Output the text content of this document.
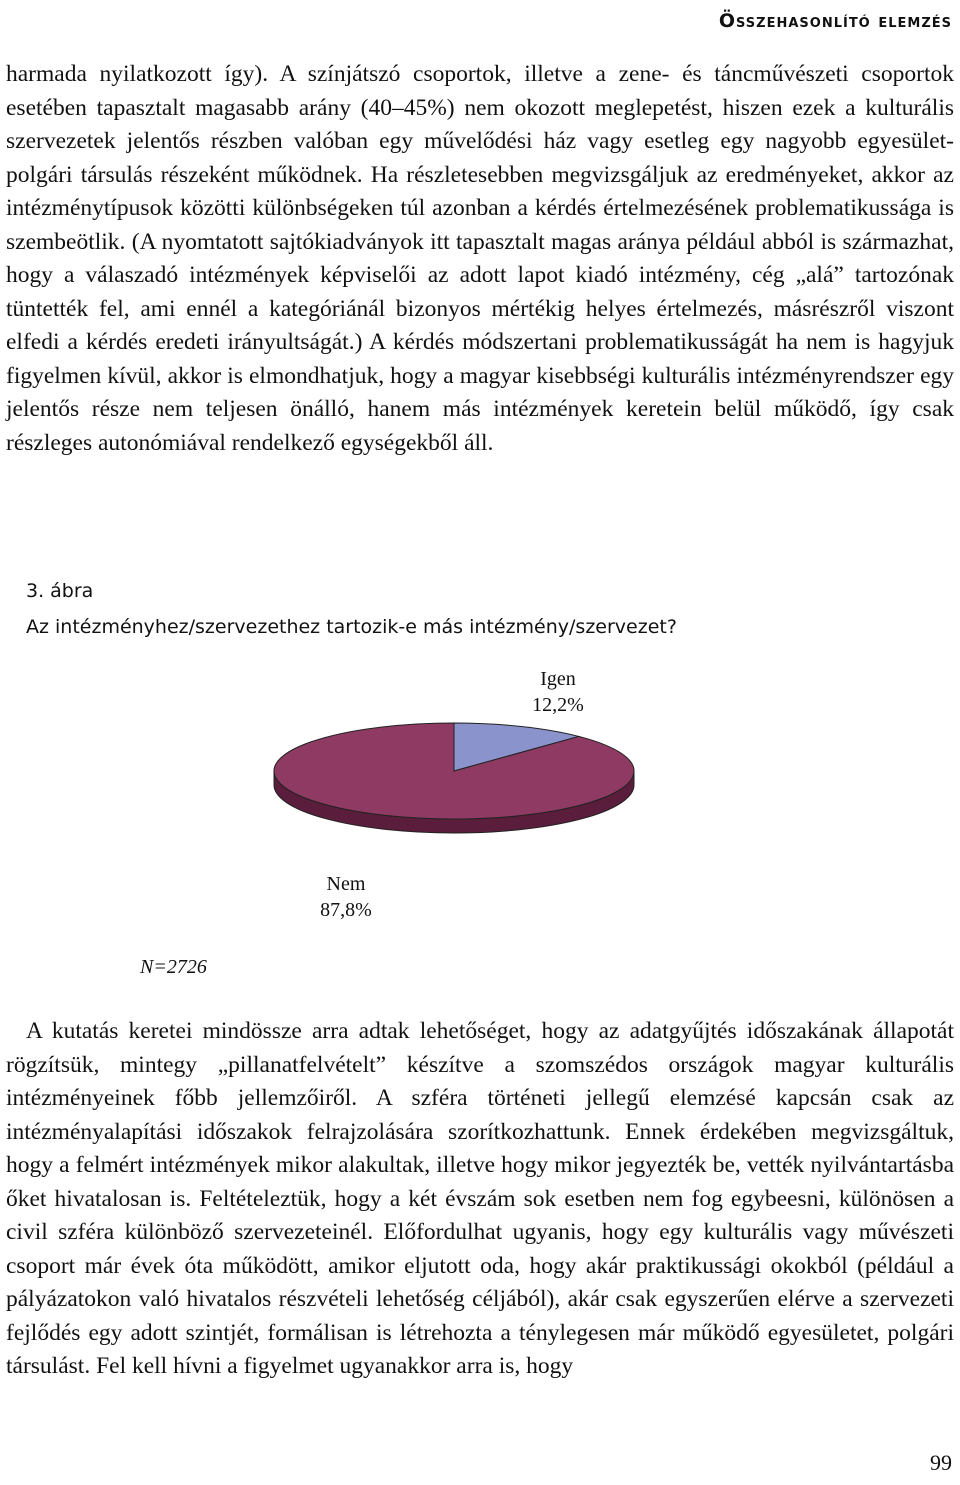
Összehasonlító elemzés

harmada nyilatkozott így). A színjátszó csoportok, illetve a zene- és táncművészeti csoportok esetében tapasztalt magasabb arány (40–45%) nem okozott meglepetést, hiszen ezek a kulturális szervezetek jelentős részben valóban egy művelődési ház vagy esetleg egy nagyobb egyesület-polgári társulás részeként működnek. Ha részletesebben megvizsgáljuk az eredményeket, akkor az intézménytípusok közötti különbségeken túl azonban a kérdés értelmezésének problematikussága is szembeötlik. (A nyomtatott sajtókiadványok itt tapasztalt magas aránya például abból is származhat, hogy a válaszadó intézmények képviselői az adott lapot kiadó intézmény, cég „alá” tartozónak tüntették fel, ami ennél a kategóriánál bizonyos mértékig helyes értelmezés, másrészről viszont elfedi a kérdés eredeti irányultságát.) A kérdés módszertani problematikusságát ha nem is hagyjuk figyelmen kívül, akkor is elmondhatjuk, hogy a magyar kisebbségi kulturális intézményrendszer egy jelentős része nem teljesen önálló, hanem más intézmények keretein belül működő, így csak részleges autonómiával rendelkező egységekből áll.

3. ábra
Az intézményhez/szervezethez tartozik-e más intézmény/szervezet?
Igen
12,2%
Nem
87,8%
N=2726

A kutatás keretei mindössze arra adtak lehetőséget, hogy az adatgyűjtés időszakának állapotát rögzítsük, mintegy „pillanatfelvételt” készítve a szomszédos országok magyar kulturális intézményeinek főbb jellemzőiről. A szféra történeti jellegű elemzésé kapcsán csak az intézményalapítási időszakok felrajzolására szorítkozhattunk. Ennek érdekében megvizsgáltuk, hogy a felmért intézmények mikor alakultak, illetve hogy mikor jegyezték be, vették nyilvántartásba őket hivatalosan is. Feltételeztük, hogy a két évszám sok esetben nem fog egybeesni, különösen a civil szféra különböző szervezeteinél. Előfordulhat ugyanis, hogy egy kulturális vagy művészeti csoport már évek óta működött, amikor eljutott oda, hogy akár praktikussági okokból (például a pályázatokon való hivatalos részvételi lehetőség céljából), akár csak egyszerűen elérve a szervezeti fejlődés egy adott szintjét, formálisan is létrehozta a ténylegesen már működő egyesületet, polgári társulást. Fel kell hívni a figyelmet ugyanakkor arra is, hogy

99
